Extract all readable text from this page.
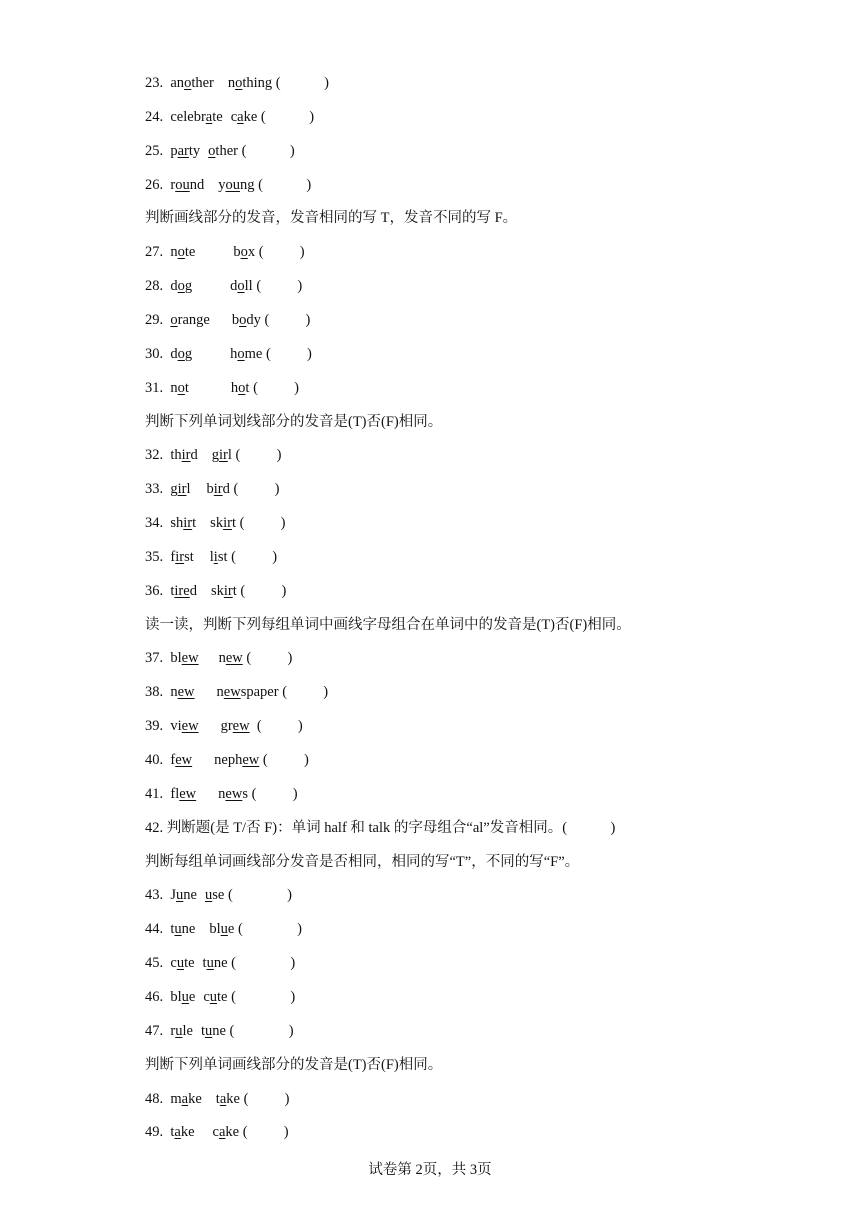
23.  another nothing (            )
24.  celebrate cake (            )
25.  party other (            )
26.  round young (            )
判断画线部分的发音，发音相同的写 T，发音不同的写 F。
27.  note	box (          )
28.  dog	doll (          )
29.  orange body (          )
30.  dog	home (          )
31.  not	hot (          )
判断下列单词划线部分的发音是(T)否(F)相同。
32.  third girl (          )
33.  girl bird (          )
34.  shirt skirt (          )
35.  first list (          )
36.  tired skirt (          )
读一读，判断下列每组单词中画线字母组合在单词中的发音是(T)否(F)相同。
37.  blew new (          )
38.  new newspaper (          )
39.  view grew  (          )
40.  few nephew (          )
41.  flew news (          )
42. 判断题(是 T/否 F)：单词 half 和 talk 的字母组合“al”发音相同。(            )
判断每组单词画线部分发音是否相同，相同的写“T”，不同的写“F”。
43.  June use (               )
44.  tune blue (               )
45.  cute tune (               )
46.  blue cute (               )
47.  rule tune (               )
判断下列单词画线部分的发音是(T)否(F)相同。
48.  make take (          )
49.  take cake (          )
试卷第 2页，共 3页
